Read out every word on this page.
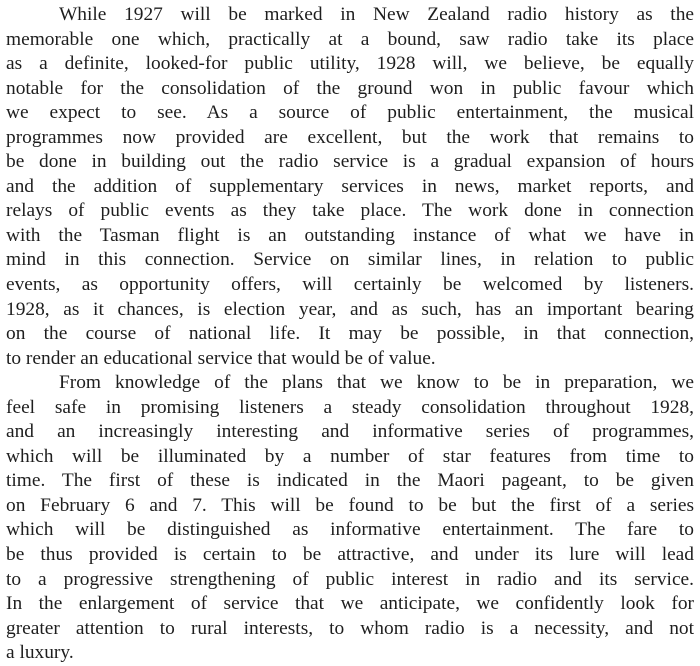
While 1927 will be marked in New Zealand radio history as the
memorable one which, practically at a bound, saw radio take its place
as a definite, looked-for public utility, 1928 will, we believe, be equally
notable for the consolidation of the ground won in public favour which
we expect to see. As a source of public entertainment, the musical
programmes now provided are excellent, but the work that remains to
be done in building out the radio service is a gradual expansion of hours
and the addition of supplementary services in news, market reports, and
relays of public events as they take place. The work done in connection
with the Tasman flight is an outstanding instance of what we have in
mind in this connection. Service on similar lines, in relation to public
events, as opportunity offers, will certainly be welcomed by listeners.
1928, as it chances, is election year, and as such, has an important bearing
on the course of national life. It may be possible, in that connection,
to render an educational service that would be of value.
From knowledge of the plans that we know to be in preparation, we
feel safe in promising listeners a steady consolidation throughout 1928,
and an increasingly interesting and informative series of programmes,
which will be illuminated by a number of star features from time to
time. The first of these is indicated in the Maori pageant, to be given
on February 6 and 7. This will be found to be but the first of a series
which will be distinguished as informative entertainment. The fare to
be thus provided is certain to be attractive, and under its lure will lead
to a progressive strengthening of public interest in radio and its service.
In the enlargement of service that we anticipate, we confidently look for
greater attention to rural interests, to whom radio is a necessity, and not
a luxury.
